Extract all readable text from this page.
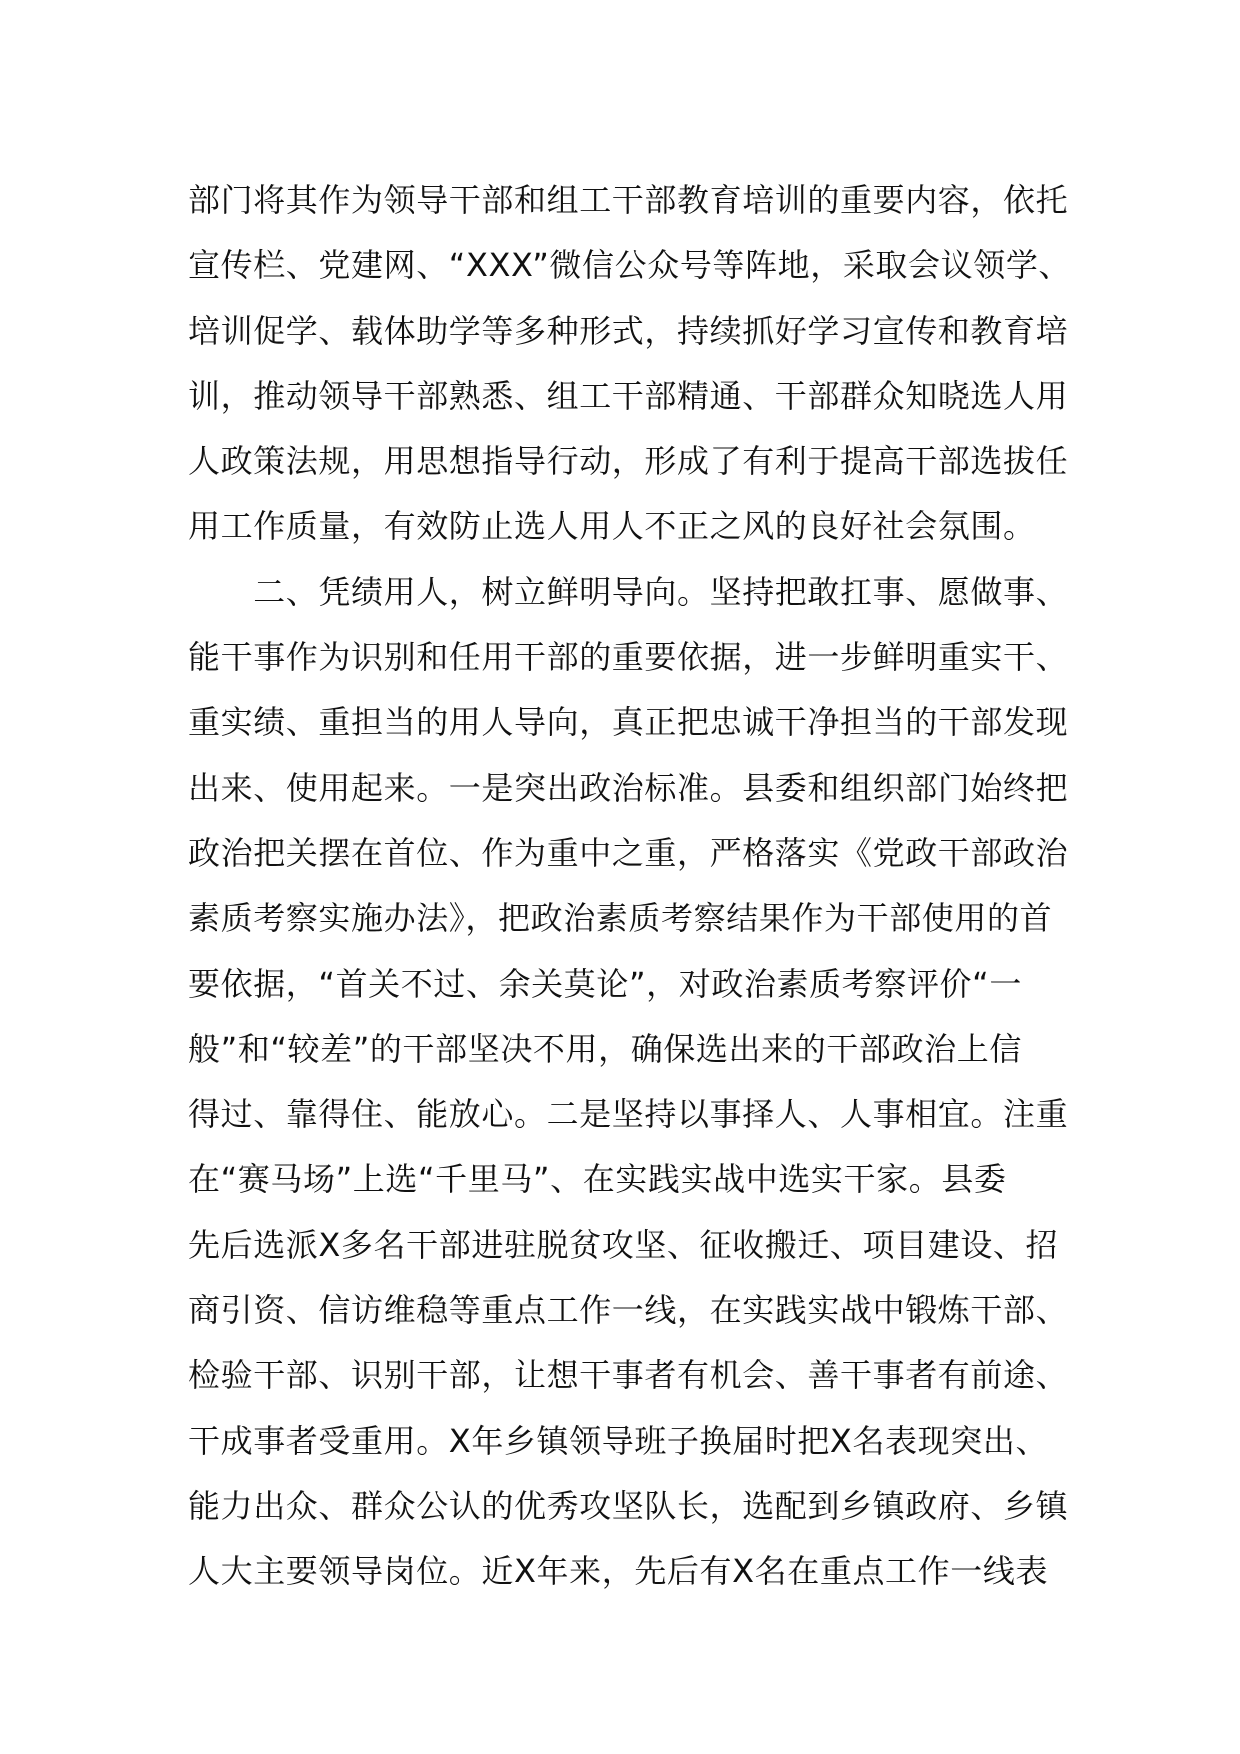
部门将其作为领导干部和组工干部教育培训的重要内容，依托
宣传栏、党建网、“XXX”微信公众号等阵地，采取会议领学、
培训促学、载体助学等多种形式，持续抓好学习宣传和教育培
训，推动领导干部熟悉、组工干部精通、干部群众知晓选人用
人政策法规，用思想指导行动，形成了有利于提高干部选拔任
用工作质量，有效防止选人用人不正之风的良好社会氛围。
　　二、凭绩用人，树立鲜明导向。坚持把敢扛事、愿做事、
能干事作为识别和任用干部的重要依据，进一步鲜明重实干、
重实绩、重担当的用人导向，真正把忠诚干净担当的干部发现
出来、使用起来。一是突出政治标准。县委和组织部门始终把
政治把关摆在首位、作为重中之重，严格落实《党政干部政治
素质考察实施办法》，把政治素质考察结果作为干部使用的首
要依据，“首关不过、余关莫论”，对政治素质考察评价“一
般”和“较差”的干部坚决不用，确保选出来的干部政治上信
得过、靠得住、能放心。二是坚持以事择人、人事相宜。注重
在“赛马场”上选“千里马”、在实践实战中选实干家。县委
先后选派X多名干部进驻脱贫攻坚、征收搬迁、项目建设、招
商引资、信访维稳等重点工作一线，在实践实战中锻炼干部、
检验干部、识别干部，让想干事者有机会、善干事者有前途、
干成事者受重用。X年乡镇领导班子换届时把X名表现突出、
能力出众、群众公认的优秀攻坚队长，选配到乡镇政府、乡镇
人大主要领导岗位。近X年来，先后有X名在重点工作一线表
